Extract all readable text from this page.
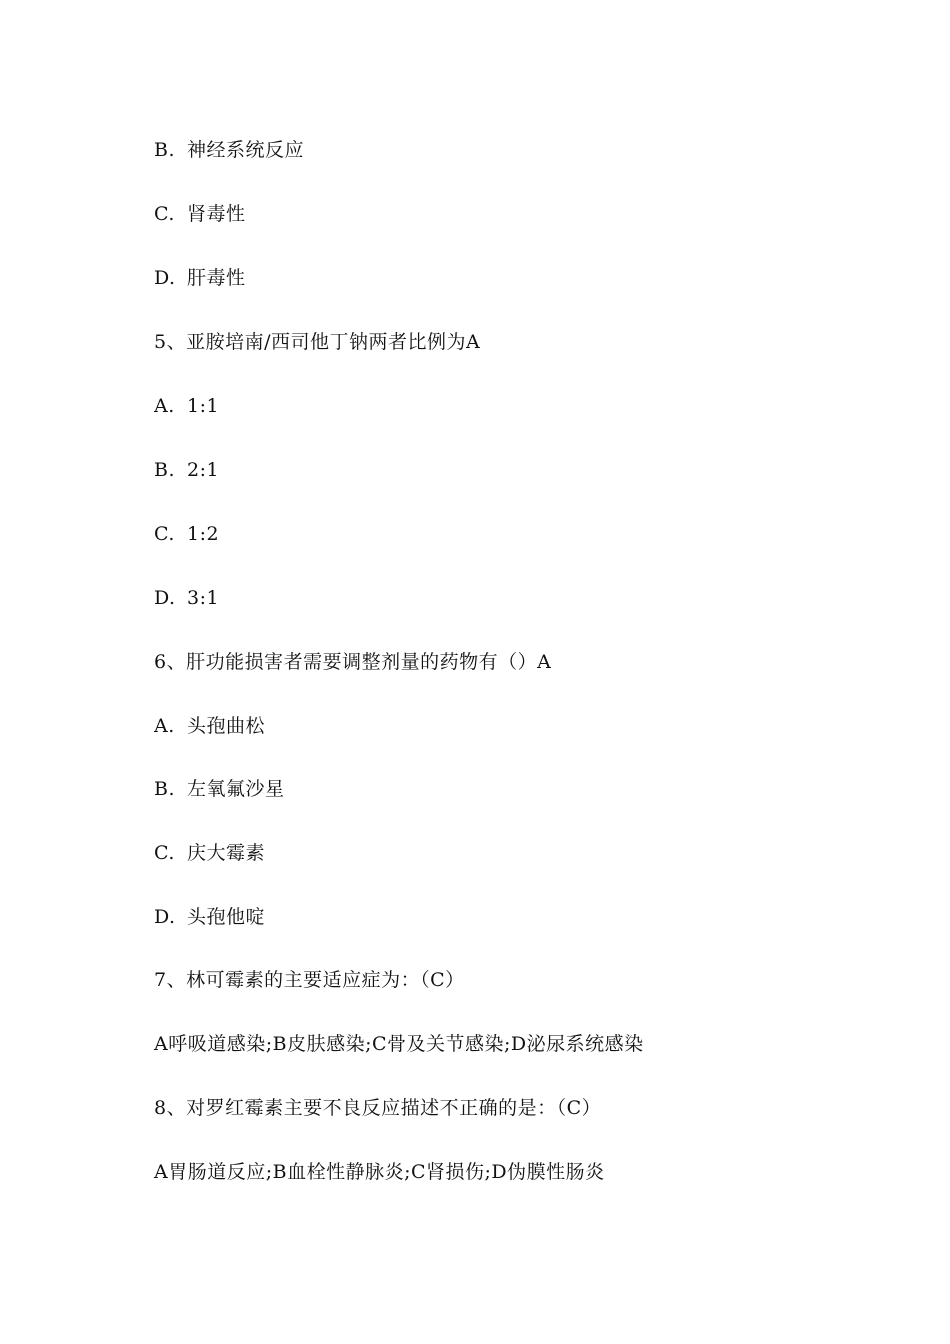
B. 神经系统反应
C. 肾毒性
D. 肝毒性
5、亚胺培南/西司他丁钠两者比例为A
A. 1:1
B. 2:1
C. 1:2
D. 3:1
6、肝功能损害者需要调整剂量的药物有（）A
A. 头孢曲松
B. 左氧氟沙星
C. 庆大霉素
D. 头孢他啶
7、林可霉素的主要适应症为：（C）
A呼吸道感染;B皮肤感染;C骨及关节感染;D泌尿系统感染
8、对罗红霉素主要不良反应描述不正确的是：（C）
A胃肠道反应;B血栓性静脉炎;C肾损伤;D伪膜性肠炎
